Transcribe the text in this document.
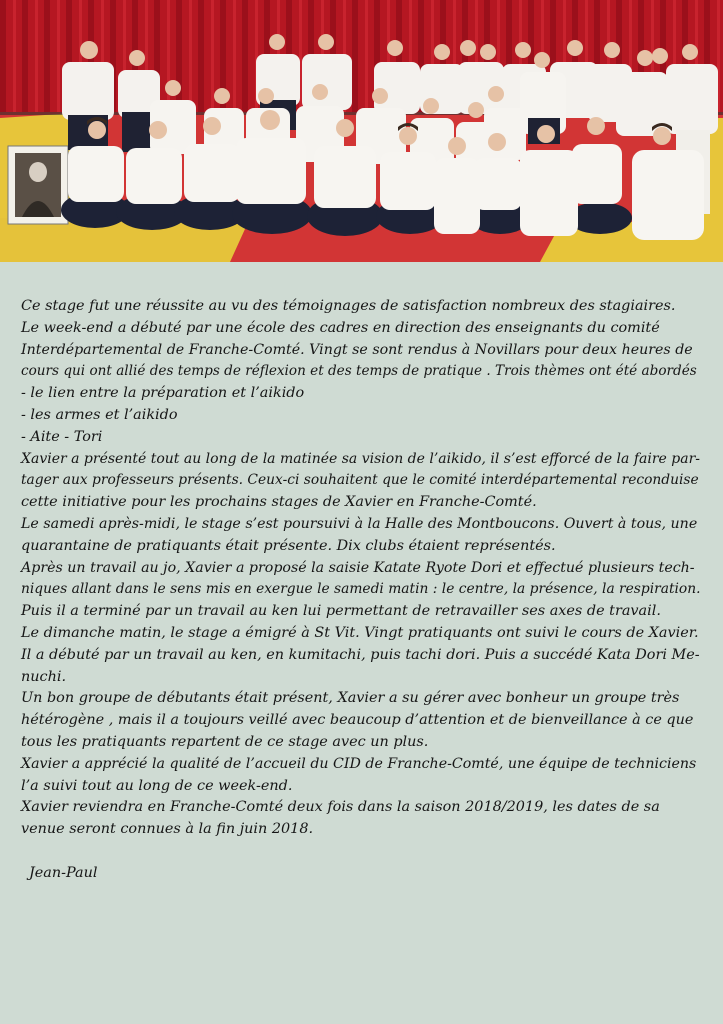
Ce stage fut une réussite au vu des témoignages de satisfaction nombreux des stagiaires.
Le week-end a débuté par une école des cadres en direction des enseignants du comité
Interdépartemental de Franche-Comté. Vingt se sont rendus à Novillars pour deux heures de
cours qui ont allié des temps de réflexion et des temps de pratique . Trois thèmes ont été abordés
- le lien entre la préparation et l’aikido
- les armes et l’aikido
- Aite - Tori
Xavier a présenté tout au long de la matinée sa vision de l’aikido, il s’est efforcé de la faire par-
tager aux professeurs présents. Ceux-ci souhaitent que le comité interdépartemental reconduise
cette initiative pour les prochains stages de Xavier en Franche-Comté.
Le samedi après-midi, le stage s’est poursuivi à la Halle des Montboucons. Ouvert à tous, une
quarantaine de pratiquants était présente. Dix clubs étaient représentés.
Après un travail au jo, Xavier a proposé la saisie Katate Ryote Dori et effectué plusieurs tech-
niques allant dans le sens mis en exergue le samedi matin : le centre, la présence, la respiration.
Puis il a terminé par un travail au ken lui permettant de retravailler ses axes de travail.
Le dimanche matin, le stage a émigré à St Vit. Vingt pratiquants ont suivi le cours de Xavier.
Il a débuté par un travail au ken, en kumitachi, puis tachi dori. Puis a succédé Kata Dori Me-
nuchi.
Un bon groupe de débutants était présent, Xavier a su gérer avec bonheur un groupe très
hétérogène , mais il a toujours veillé avec beaucoup d’attention et de bienveillance à ce que
tous les pratiquants repartent de ce stage avec un plus.
Xavier a apprécié la qualité de l’accueil du CID de Franche-Comté, une équipe de techniciens
l’a suivi tout au long de ce week-end.
Xavier reviendra en Franche-Comté deux fois dans la saison 2018/2019, les dates de sa
venue seront connues à la fin juin 2018.
Jean-Paul
